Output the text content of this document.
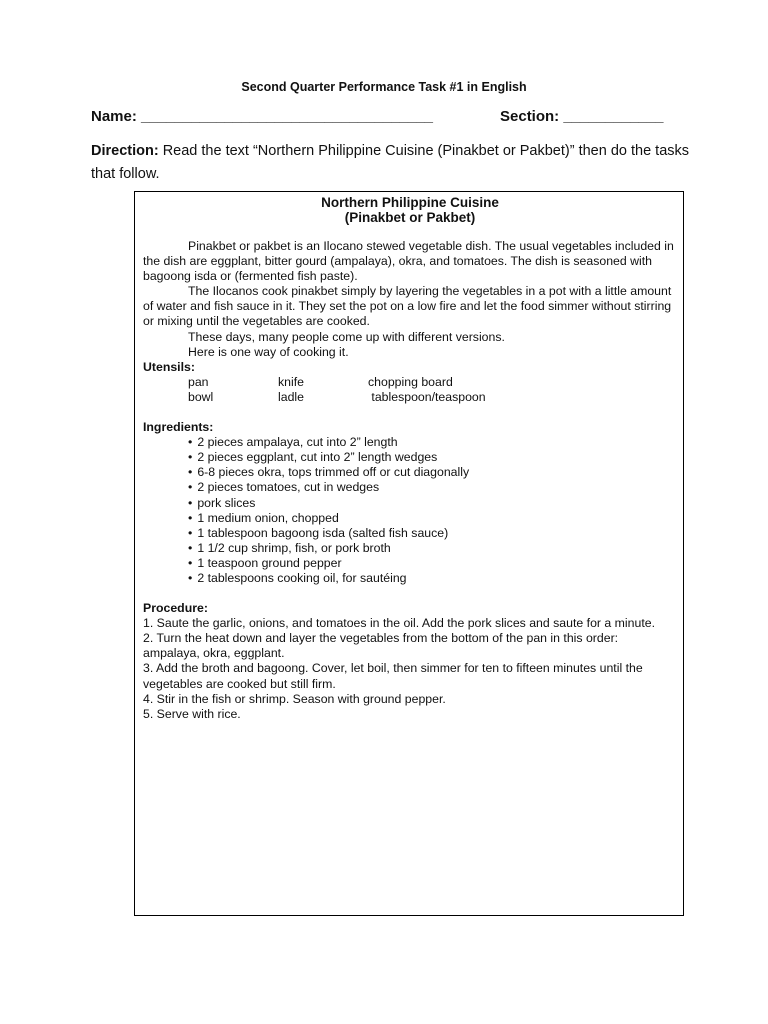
Second Quarter Performance Task #1 in English
Name: ___________________________________	Section: ____________
Direction: Read the text “Northern Philippine Cuisine (Pinakbet or Pakbet)” then do the tasks that follow.
Northern Philippine Cuisine
(Pinakbet or Pakbet)

Pinakbet or pakbet is an Ilocano stewed vegetable dish. The usual vegetables included in the dish are eggplant, bitter gourd (ampalaya), okra, and tomatoes. The dish is seasoned with bagoong isda or (fermented fish paste).

The Ilocanos cook pinakbet simply by layering the vegetables in a pot with a little amount of water and fish sauce in it. They set the pot on a low fire and let the food simmer without stirring or mixing until the vegetables are cooked.

These days, many people come up with different versions.

Here is one way of cooking it.

Utensils:

pan	knife	chopping board
bowl	ladle	tablespoon/teaspoon

Ingredients:

• 2 pieces ampalaya, cut into 2” length
• 2 pieces eggplant, cut into 2” length wedges
• 6-8 pieces okra, tops trimmed off or cut diagonally
• 2 pieces tomatoes, cut in wedges
• pork slices
• 1 medium onion, chopped
• 1 tablespoon bagoong isda (salted fish sauce)
• 1 1/2 cup shrimp, fish, or pork broth
• 1 teaspoon ground pepper
• 2 tablespoons cooking oil, for sautéing

Procedure:

1. Saute the garlic, onions, and tomatoes in the oil. Add the pork slices and saute for a minute.

2. Turn the heat down and layer the vegetables from the bottom of the pan in this order: ampalaya, okra, eggplant.

3. Add the broth and bagoong. Cover, let boil, then simmer for ten to fifteen minutes until the vegetables are cooked but still firm.

4. Stir in the fish or shrimp. Season with ground pepper.

5. Serve with rice.
